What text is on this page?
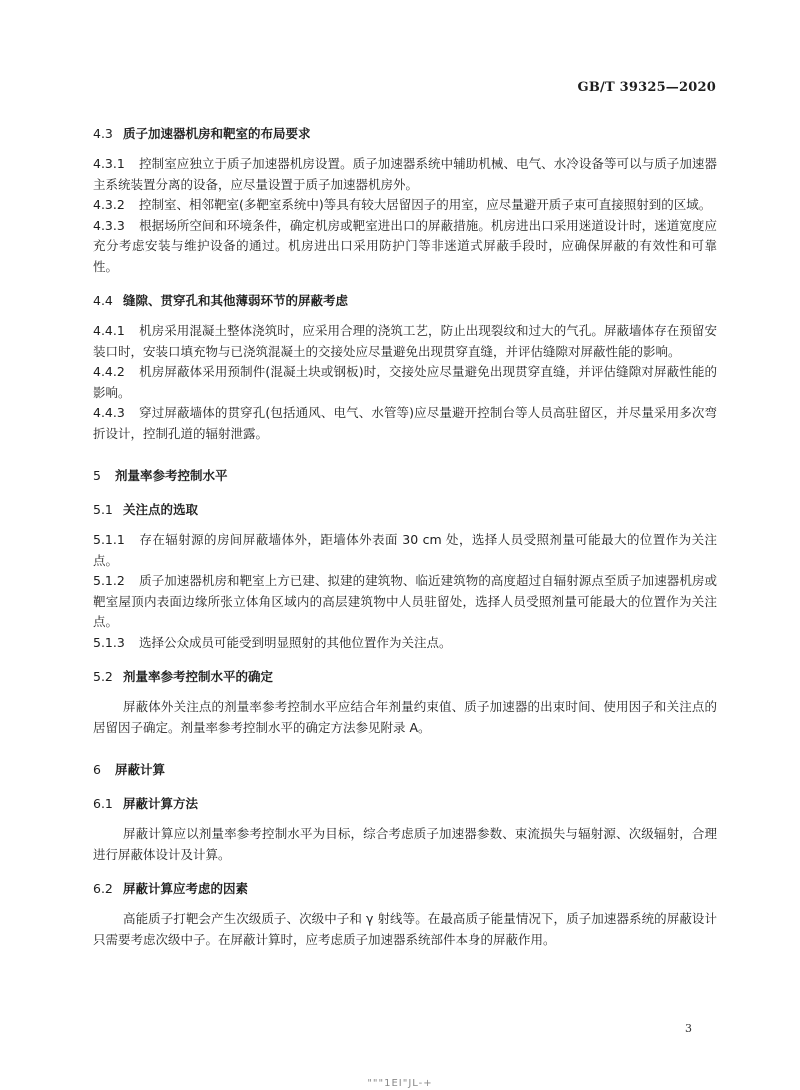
GB/T 39325—2020

4.3 质子加速器机房和靶室的布局要求

4.3.1 控制室应独立于质子加速器机房设置。质子加速器系统中辅助机械、电气、水冷设备等可以与质子加速器主系统装置分离的设备，应尽量设置于质子加速器机房外。

4.3.2 控制室、相邻靶室(多靶室系统中)等具有较大居留因子的用室，应尽量避开质子束可直接照射到的区域。

4.3.3 根据场所空间和环境条件，确定机房或靶室进出口的屏蔽措施。机房进出口采用迷道设计时，迷道宽度应充分考虑安装与维护设备的通过。机房进出口采用防护门等非迷道式屏蔽手段时，应确保屏蔽的有效性和可靠性。

4.4 缝隙、贯穿孔和其他薄弱环节的屏蔽考虑

4.4.1 机房采用混凝土整体浇筑时，应采用合理的浇筑工艺，防止出现裂纹和过大的气孔。屏蔽墙体存在预留安装口时，安装口填充物与已浇筑混凝土的交接处应尽量避免出现贯穿直缝，并评估缝隙对屏蔽性能的影响。

4.4.2 机房屏蔽体采用预制件(混凝土块或钢板)时，交接处应尽量避免出现贯穿直缝，并评估缝隙对屏蔽性能的影响。

4.4.3 穿过屏蔽墙体的贯穿孔(包括通风、电气、水管等)应尽量避开控制台等人员高驻留区，并尽量采用多次弯折设计，控制孔道的辐射泄露。

5 剂量率参考控制水平

5.1 关注点的选取

5.1.1 存在辐射源的房间屏蔽墙体外，距墙体外表面 30 cm 处，选择人员受照剂量可能最大的位置作为关注点。

5.1.2 质子加速器机房和靶室上方已建、拟建的建筑物、临近建筑物的高度超过自辐射源点至质子加速器机房或靶室屋顶内表面边缘所张立体角区域内的高层建筑物中人员驻留处，选择人员受照剂量可能最大的位置作为关注点。

5.1.3 选择公众成员可能受到明显照射的其他位置作为关注点。

5.2 剂量率参考控制水平的确定

屏蔽体外关注点的剂量率参考控制水平应结合年剂量约束值、质子加速器的出束时间、使用因子和关注点的居留因子确定。剂量率参考控制水平的确定方法参见附录 A。

6 屏蔽计算

6.1 屏蔽计算方法

屏蔽计算应以剂量率参考控制水平为目标，综合考虑质子加速器参数、束流损失与辐射源、次级辐射，合理进行屏蔽体设计及计算。

6.2 屏蔽计算应考虑的因素

高能质子打靶会产生次级质子、次级中子和 γ 射线等。在最高质子能量情况下，质子加速器系统的屏蔽设计只需要考虑次级中子。在屏蔽计算时，应考虑质子加速器系统部件本身的屏蔽作用。

3
"""1EI"JL-+
